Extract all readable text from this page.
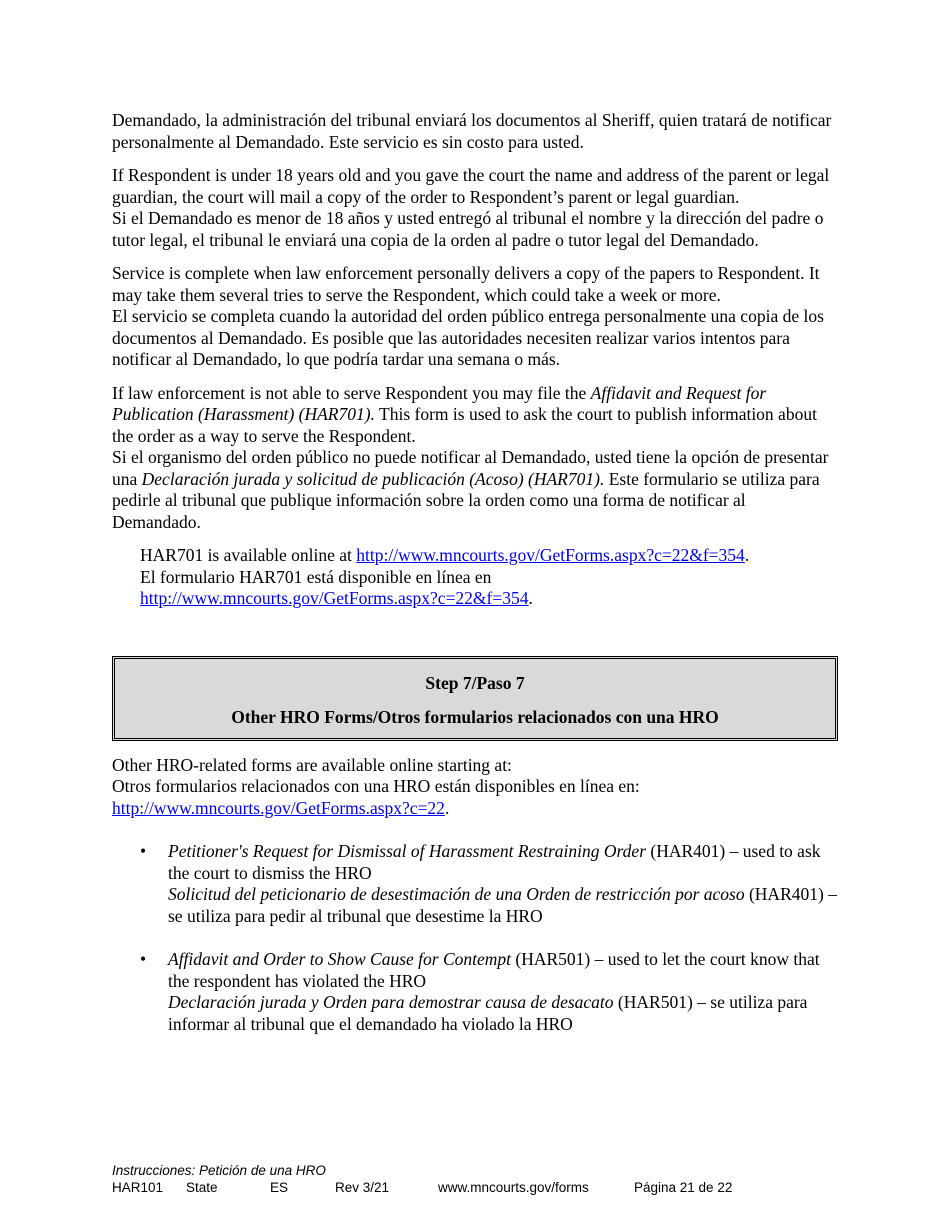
Demandado, la administración del tribunal enviará los documentos al Sheriff, quien tratará de notificar personalmente al Demandado. Este servicio es sin costo para usted.

If Respondent is under 18 years old and you gave the court the name and address of the parent or legal guardian, the court will mail a copy of the order to Respondent’s parent or legal guardian.

Si el Demandado es menor de 18 años y usted entregó al tribunal el nombre y la dirección del padre o tutor legal, el tribunal le enviará una copia de la orden al padre o tutor legal del Demandado.

Service is complete when law enforcement personally delivers a copy of the papers to Respondent. It may take them several tries to serve the Respondent, which could take a week or more.

El servicio se completa cuando la autoridad del orden público entrega personalmente una copia de los documentos al Demandado. Es posible que las autoridades necesiten realizar varios intentos para notificar al Demandado, lo que podría tardar una semana o más.

If law enforcement is not able to serve Respondent you may file the Affidavit and Request for Publication (Harassment) (HAR701). This form is used to ask the court to publish information about the order as a way to serve the Respondent.

Si el organismo del orden público no puede notificar al Demandado, usted tiene la opción de presentar una Declaración jurada y solicitud de publicación (Acoso) (HAR701). Este formulario se utiliza para pedirle al tribunal que publique información sobre la orden como una forma de notificar al Demandado.

HAR701 is available online at http://www.mncourts.gov/GetForms.aspx?c=22&f=354.

El formulario HAR701 está disponible en línea en

http://www.mncourts.gov/GetForms.aspx?c=22&f=354.

Step 7/Paso 7
Other HRO Forms/Otros formularios relacionados con una HRO

Other HRO-related forms are available online starting at:

Otros formularios relacionados con una HRO están disponibles en línea en:

http://www.mncourts.gov/GetForms.aspx?c=22.

• Petitioner's Request for Dismissal of Harassment Restraining Order (HAR401) – used to ask the court to dismiss the HRO

Solicitud del peticionario de desestimación de una Orden de restricción por acoso (HAR401) – se utiliza para pedir al tribunal que desestime la HRO

• Affidavit and Order to Show Cause for Contempt (HAR501) – used to let the court know that the respondent has violated the HRO

Declaración jurada y Orden para demostrar causa de desacato (HAR501) – se utiliza para informar al tribunal que el demandado ha violado la HRO

Instrucciones: Petición de una HRO
HAR101 State	ES	Rev 3/21	www.mncourts.gov/forms	Página 21 de 22
